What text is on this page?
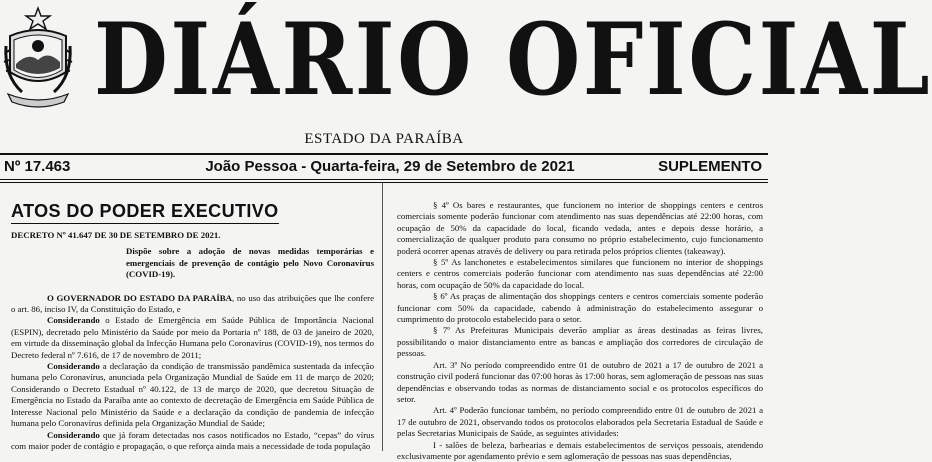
DIÁRIO OFICIAL
ESTADO DA PARAÍBA
Nº 17.463	João Pessoa - Quarta-feira, 29 de Setembro de 2021	SUPLEMENTO
ATOS DO PODER EXECUTIVO
DECRETO Nº 41.647 DE 30 DE SETEMBRO DE 2021.
Dispõe sobre a adoção de novas medidas temporárias e emergenciais de prevenção de contágio pelo Novo Coronavírus (COVID-19).

O GOVERNADOR DO ESTADO DA PARAÍBA, no uso das atribuições que lhe confere o art. 86, inciso IV, da Constituição do Estado, e

Considerando o Estado de Emergência em Saúde Pública de Importância Nacional (ESPIN), decretado pelo Ministério da Saúde por meio da Portaria nº 188, de 03 de janeiro de 2020, em virtude da disseminação global da Infecção Humana pelo Coronavírus (COVID-19), nos termos do Decreto federal nº 7.616, de 17 de novembro de 2011;

Considerando a declaração da condição de transmissão pandêmica sustentada da infecção humana pelo Coronavírus, anunciada pela Organização Mundial de Saúde em 11 de março de 2020; Considerando o Decreto Estadual nº 40.122, de 13 de março de 2020, que decretou Situação de Emergência no Estado da Paraíba ante ao contexto de decretação de Emergência em Saúde Pública de Interesse Nacional pelo Ministério da Saúde e a declaração da condição de pandemia de infecção humana pelo Coronavírus definida pela Organização Mundial de Saúde;

Considerando que já foram detectadas nos casos notificados no Estado, “cepas” do vírus com maior poder de contágio e propagação, o que reforça ainda mais a necessidade de toda população

§ 4º Os bares e restaurantes, que funcionem no interior de shoppings centers e centros comerciais somente poderão funcionar com atendimento nas suas dependências até 22:00 horas, com ocupação de 50% da capacidade do local, ficando vedada, antes e depois desse horário, a comercialização de qualquer produto para consumo no próprio estabelecimento, cujo funcionamento poderá ocorrer apenas através de delivery ou para retirada pelos próprios clientes (takeaway).

§ 5º As lanchonetes e estabelecimentos similares que funcionem no interior de shoppings centers e centros comerciais poderão funcionar com atendimento nas suas dependências até 22:00 horas, com ocupação de 50% da capacidade do local.

§ 6º As praças de alimentação dos shoppings centers e centros comerciais somente poderão funcionar com 50% da capacidade, cabendo à administração do estabelecimento assegurar o cumprimento do protocolo estabelecido para o setor.

§ 7º As Prefeituras Municipais deverão ampliar as áreas destinadas as feiras livres, possibilitando o maior distanciamento entre as bancas e ampliação dos corredores de circulação de pessoas.

Art. 3º No período compreendido entre 01 de outubro de 2021 a 17 de outubro de 2021 a construção civil poderá funcionar das 07:00 horas às 17:00 horas, sem aglomeração de pessoas nas suas dependências e observando todas as normas de distanciamento social e os protocolos específicos do setor.

Art. 4º Poderão funcionar também, no período compreendido entre 01 de outubro de 2021 a 17 de outubro de 2021, observando todos os protocolos elaborados pela Secretaria Estadual de Saúde e pelas Secretarias Municipais de Saúde, as seguintes atividades:

I - salões de beleza, barbearias e demais estabelecimentos de serviços pessoais, atendendo exclusivamente por agendamento prévio e sem aglomeração de pessoas nas suas dependências,
